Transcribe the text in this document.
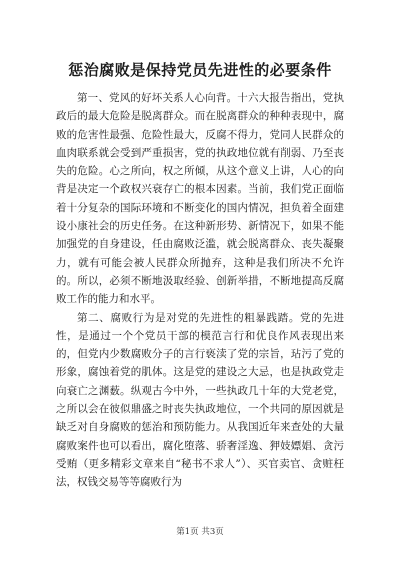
惩治腐败是保持党员先进性的必要条件

第一、党风的好坏关系人心向背。十六大报告指出，党执政后的最大危险是脱离群众。而在脱离群众的种种表现中，腐败的危害性最强、危险性最大，反腐不得力，党同人民群众的血肉联系就会受到严重损害，党的执政地位就有削弱、乃至丧失的危险。心之所向，权之所倾，从这个意义上讲，人心的向背是决定一个政权兴衰存亡的根本因素。当前，我们党正面临着十分复杂的国际环境和不断变化的国内情况，担负着全面建设小康社会的历史任务。在这种新形势、新情况下，如果不能加强党的自身建设，任由腐败泛滥，就会脱离群众、丧失凝聚力，就有可能会被人民群众所抛弃，这种是我们所决不允许的。所以，必须不断地汲取经验、创新举措，不断地提高反腐败工作的能力和水平。

第二、腐败行为是对党的先进性的粗暴践踏。党的先进性，是通过一个个党员干部的模范言行和优良作风表现出来的，但党内少数腐败分子的言行亵渎了党的宗旨，玷污了党的形象，腐蚀着党的肌体。这是党的建设之大忌，也是执政党走向衰亡之渊薮。纵观古今中外，一些执政几十年的大党老党，之所以会在彼似鼎盛之时丧失执政地位，一个共同的原因就是缺乏对自身腐败的惩治和预防能力。从我国近年来查处的大量腐败案件也可以看出，腐化堕落、骄奢淫逸、狎妓嫖娼、贪污受贿（更多精彩文章来自“秘书不求人”）、买官卖官、贪赃枉法，权钱交易等等腐败行为

第1页 共3页
